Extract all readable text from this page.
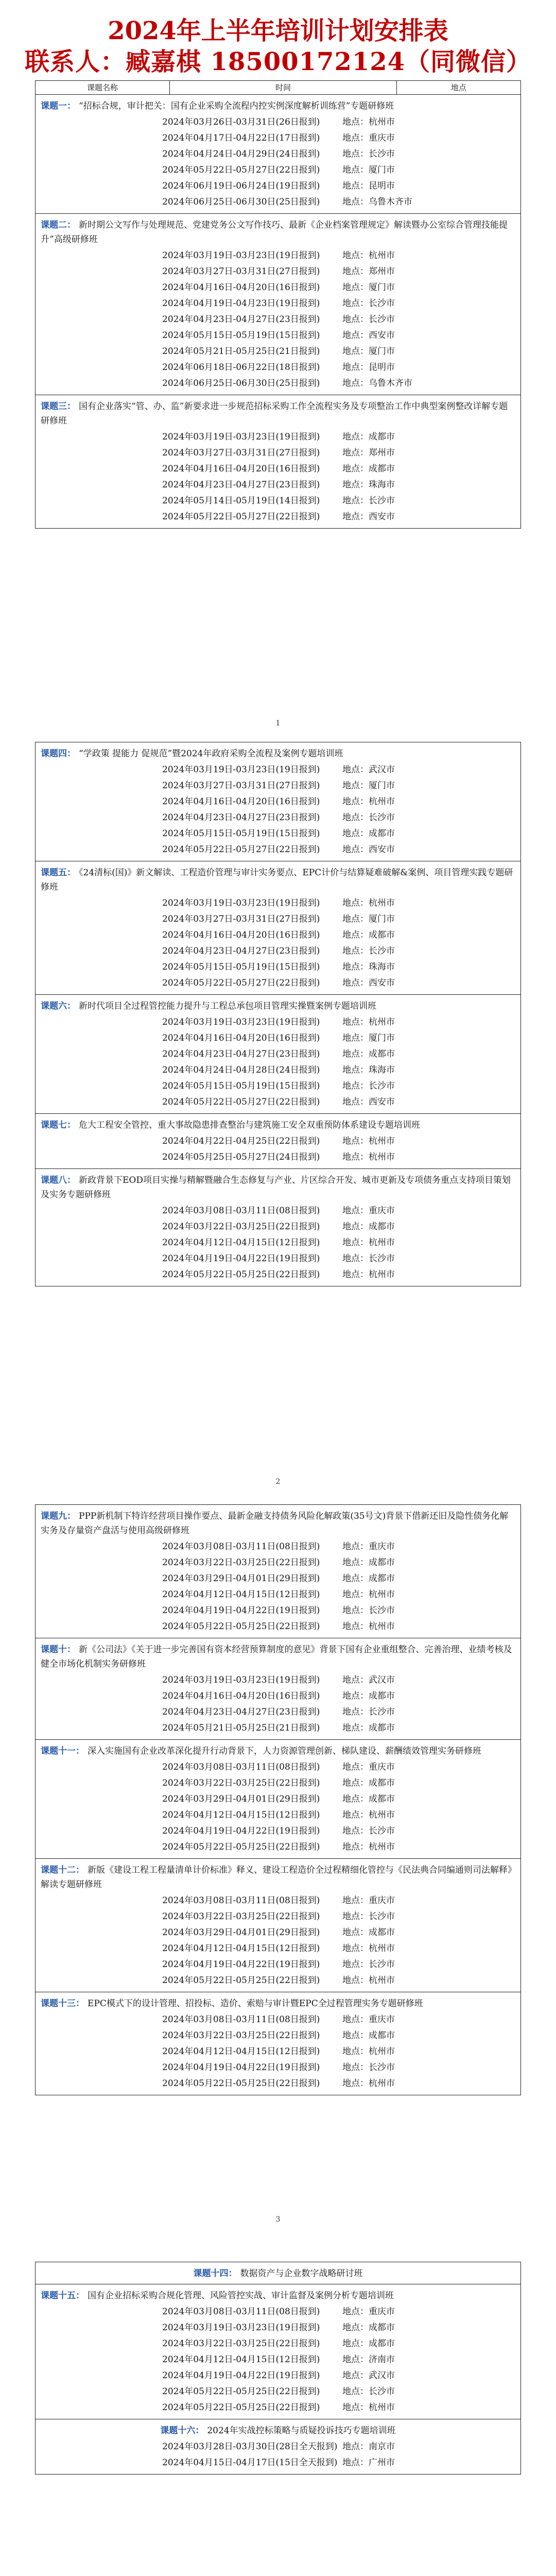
2024年上半年培训计划安排表
联系人：臧嘉棋 18500172124（同微信）
课题名称	时间	地点

课题一： “招标合规，审计把关：国有企业采购全流程内控实例深度解析训练营”专题研修班
2024年03月26日-03月31日(26日报到)	地点：杭州市
2024年04月17日-04月22日(17日报到)	地点：重庆市
2024年04月24日-04月29日(24日报到)	地点：长沙市
2024年05月22日-05月27日(22日报到)	地点：厦门市
2024年06月19日-06月24日(19日报到)	地点：昆明市
2024年06月25日-06月30日(25日报到)	地点：乌鲁木齐市

课题二： 新时期公文写作与处理规范、党建党务公文写作技巧、最新《企业档案管理规定》解读暨办公室综合管理技能提升”高级研修班
2024年03月19日-03月23日(19日报到)	地点：杭州市
2024年03月27日-03月31日(27日报到)	地点：郑州市
2024年04月16日-04月20日(16日报到)	地点：厦门市
2024年04月19日-04月23日(19日报到)	地点：长沙市
2024年04月23日-04月27日(23日报到)	地点：长沙市
2024年05月15日-05月19日(15日报到)	地点：西安市
2024年05月21日-05月25日(21日报到)	地点：厦门市
2024年06月18日-06月22日(18日报到)	地点：昆明市
2024年06月25日-06月30日(25日报到)	地点：乌鲁木齐市

课题三： 国有企业落实“管、办、监”新要求进一步规范招标采购工作全流程实务及专项整治工作中典型案例整改详解专题研修班
2024年03月19日-03月23日(19日报到)	地点：成都市
2024年03月27日-03月31日(27日报到)	地点：郑州市
2024年04月16日-04月20日(16日报到)	地点：成都市
2024年04月23日-04月27日(23日报到)	地点：珠海市
2024年05月14日-05月19日(14日报到)	地点：长沙市
2024年05月22日-05月27日(22日报到)	地点：西安市
1
课题四： “学政策 提能力 促规范”暨2024年政府采购全流程及案例专题培训班
2024年03月19日-03月23日(19日报到)	地点：武汉市
2024年03月27日-03月31日(27日报到)	地点：厦门市
2024年04月16日-04月20日(16日报到)	地点：杭州市
2024年04月23日-04月27日(23日报到)	地点：长沙市
2024年05月15日-05月19日(15日报到)	地点：成都市
2024年05月22日-05月27日(22日报到)	地点：西安市

课题五： 《24清标(国)》新文解读、工程造价管理与审计实务要点、EPC计价与结算疑难破解&案例、项目管理实践专题研修班
2024年03月19日-03月23日(19日报到)	地点：杭州市
2024年03月27日-03月31日(27日报到)	地点：厦门市
2024年04月16日-04月20日(16日报到)	地点：成都市
2024年04月23日-04月27日(23日报到)	地点：长沙市
2024年05月15日-05月19日(15日报到)	地点：珠海市
2024年05月22日-05月27日(22日报到)	地点：西安市

课题六： 新时代项目全过程管控能力提升与工程总承包项目管理实操暨案例专题培训班
2024年03月19日-03月23日(19日报到)	地点：杭州市
2024年04月16日-04月20日(16日报到)	地点：厦门市
2024年04月23日-04月27日(23日报到)	地点：成都市
2024年04月24日-04月28日(24日报到)	地点：珠海市
2024年05月15日-05月19日(15日报到)	地点：长沙市
2024年05月22日-05月27日(22日报到)	地点：西安市

课题七： 危大工程安全管控、重大事故隐患排查整治与建筑施工安全双重预防体系建设专题培训班
2024年04月22日-04月25日(22日报到)	地点：杭州市
2024年05月25日-05月27日(24日报到)	地点：杭州市

课题八： 新政背景下EOD项目实操与精解暨融合生态修复与产业、片区综合开发、城市更新及专项债务重点支持项目策划及实务专题研修班
2024年03月08日-03月11日(08日报到)	地点：重庆市
2024年03月22日-03月25日(22日报到)	地点：成都市
2024年04月12日-04月15日(12日报到)	地点：杭州市
2024年04月19日-04月22日(19日报到)	地点：长沙市
2024年05月22日-05月25日(22日报到)	地点：杭州市
2
课题九： PPP新机制下特许经营项目操作要点、最新金融支持债务风险化解政策(35号文)背景下借新还旧及隐性债务化解实务及存量资产盘活与使用高级研修班
2024年03月08日-03月11日(08日报到)	地点：重庆市
2024年03月22日-03月25日(22日报到)	地点：成都市
2024年03月29日-04月01日(29日报到)	地点：成都市
2024年04月12日-04月15日(12日报到)	地点：杭州市
2024年04月19日-04月22日(19日报到)	地点：长沙市
2024年05月22日-05月25日(22日报到)	地点：杭州市

课题十： 新《公司法》《关于进一步完善国有资本经营预算制度的意见》背景下国有企业重组整合、完善治理、业绩考核及健全市场化机制实务研修班
2024年03月19日-03月23日(19日报到)	地点：武汉市
2024年04月16日-04月20日(16日报到)	地点：成都市
2024年04月23日-04月27日(23日报到)	地点：长沙市
2024年05月21日-05月25日(21日报到)	地点：成都市

课题十一： 深入实施国有企业改革深化提升行动背景下，人力资源管理创新、梯队建设、薪酬绩效管理实务研修班
2024年03月08日-03月11日(08日报到)	地点：重庆市
2024年03月22日-03月25日(22日报到)	地点：成都市
2024年03月29日-04月01日(29日报到)	地点：成都市
2024年04月12日-04月15日(12日报到)	地点：杭州市
2024年04月19日-04月22日(19日报到)	地点：长沙市
2024年05月22日-05月25日(22日报到)	地点：杭州市

课题十二： 新版《建设工程工程量清单计价标准》释义、建设工程造价全过程精细化管控与《民法典合同编通则司法解释》解读专题研修班
2024年03月08日-03月11日(08日报到)	地点：重庆市
2024年03月22日-03月25日(22日报到)	地点：长沙市
2024年03月29日-04月01日(29日报到)	地点：成都市
2024年04月12日-04月15日(12日报到)	地点：杭州市
2024年04月19日-04月22日(19日报到)	地点：长沙市
2024年05月22日-05月25日(22日报到)	地点：杭州市

课题十三： EPC模式下的设计管理、招投标、造价、索赔与审计暨EPC全过程管理实务专题研修班
2024年03月08日-03月11日(08日报到)	地点：重庆市
2024年03月22日-03月25日(22日报到)	地点：成都市
2024年04月12日-04月15日(12日报到)	地点：杭州市
2024年04月19日-04月22日(19日报到)	地点：长沙市
2024年05月22日-05月25日(22日报到)	地点：杭州市
3
课题十四： 数据资产与企业数字战略研讨班

课题十五： 国有企业招标采购合规化管理、风险管控实战、审计监督及案例分析专题培训班
2024年03月08日-03月11日(08日报到)	地点：重庆市
2024年03月19日-03月23日(19日报到)	地点：成都市
2024年03月22日-03月25日(22日报到)	地点：成都市
2024年04月12日-04月15日(12日报到)	地点：济南市
2024年04月19日-04月22日(19日报到)	地点：武汉市
2024年05月22日-05月25日(22日报到)	地点：长沙市
2024年05月22日-05月25日(22日报到)	地点：杭州市

课题十六： 2024年实战控标策略与质疑投诉技巧专题培训班
2024年03月28日-03月30日(28日全天报到) 地点：南京市
2024年04月15日-04月17日(15日全天报到) 地点：广州市
